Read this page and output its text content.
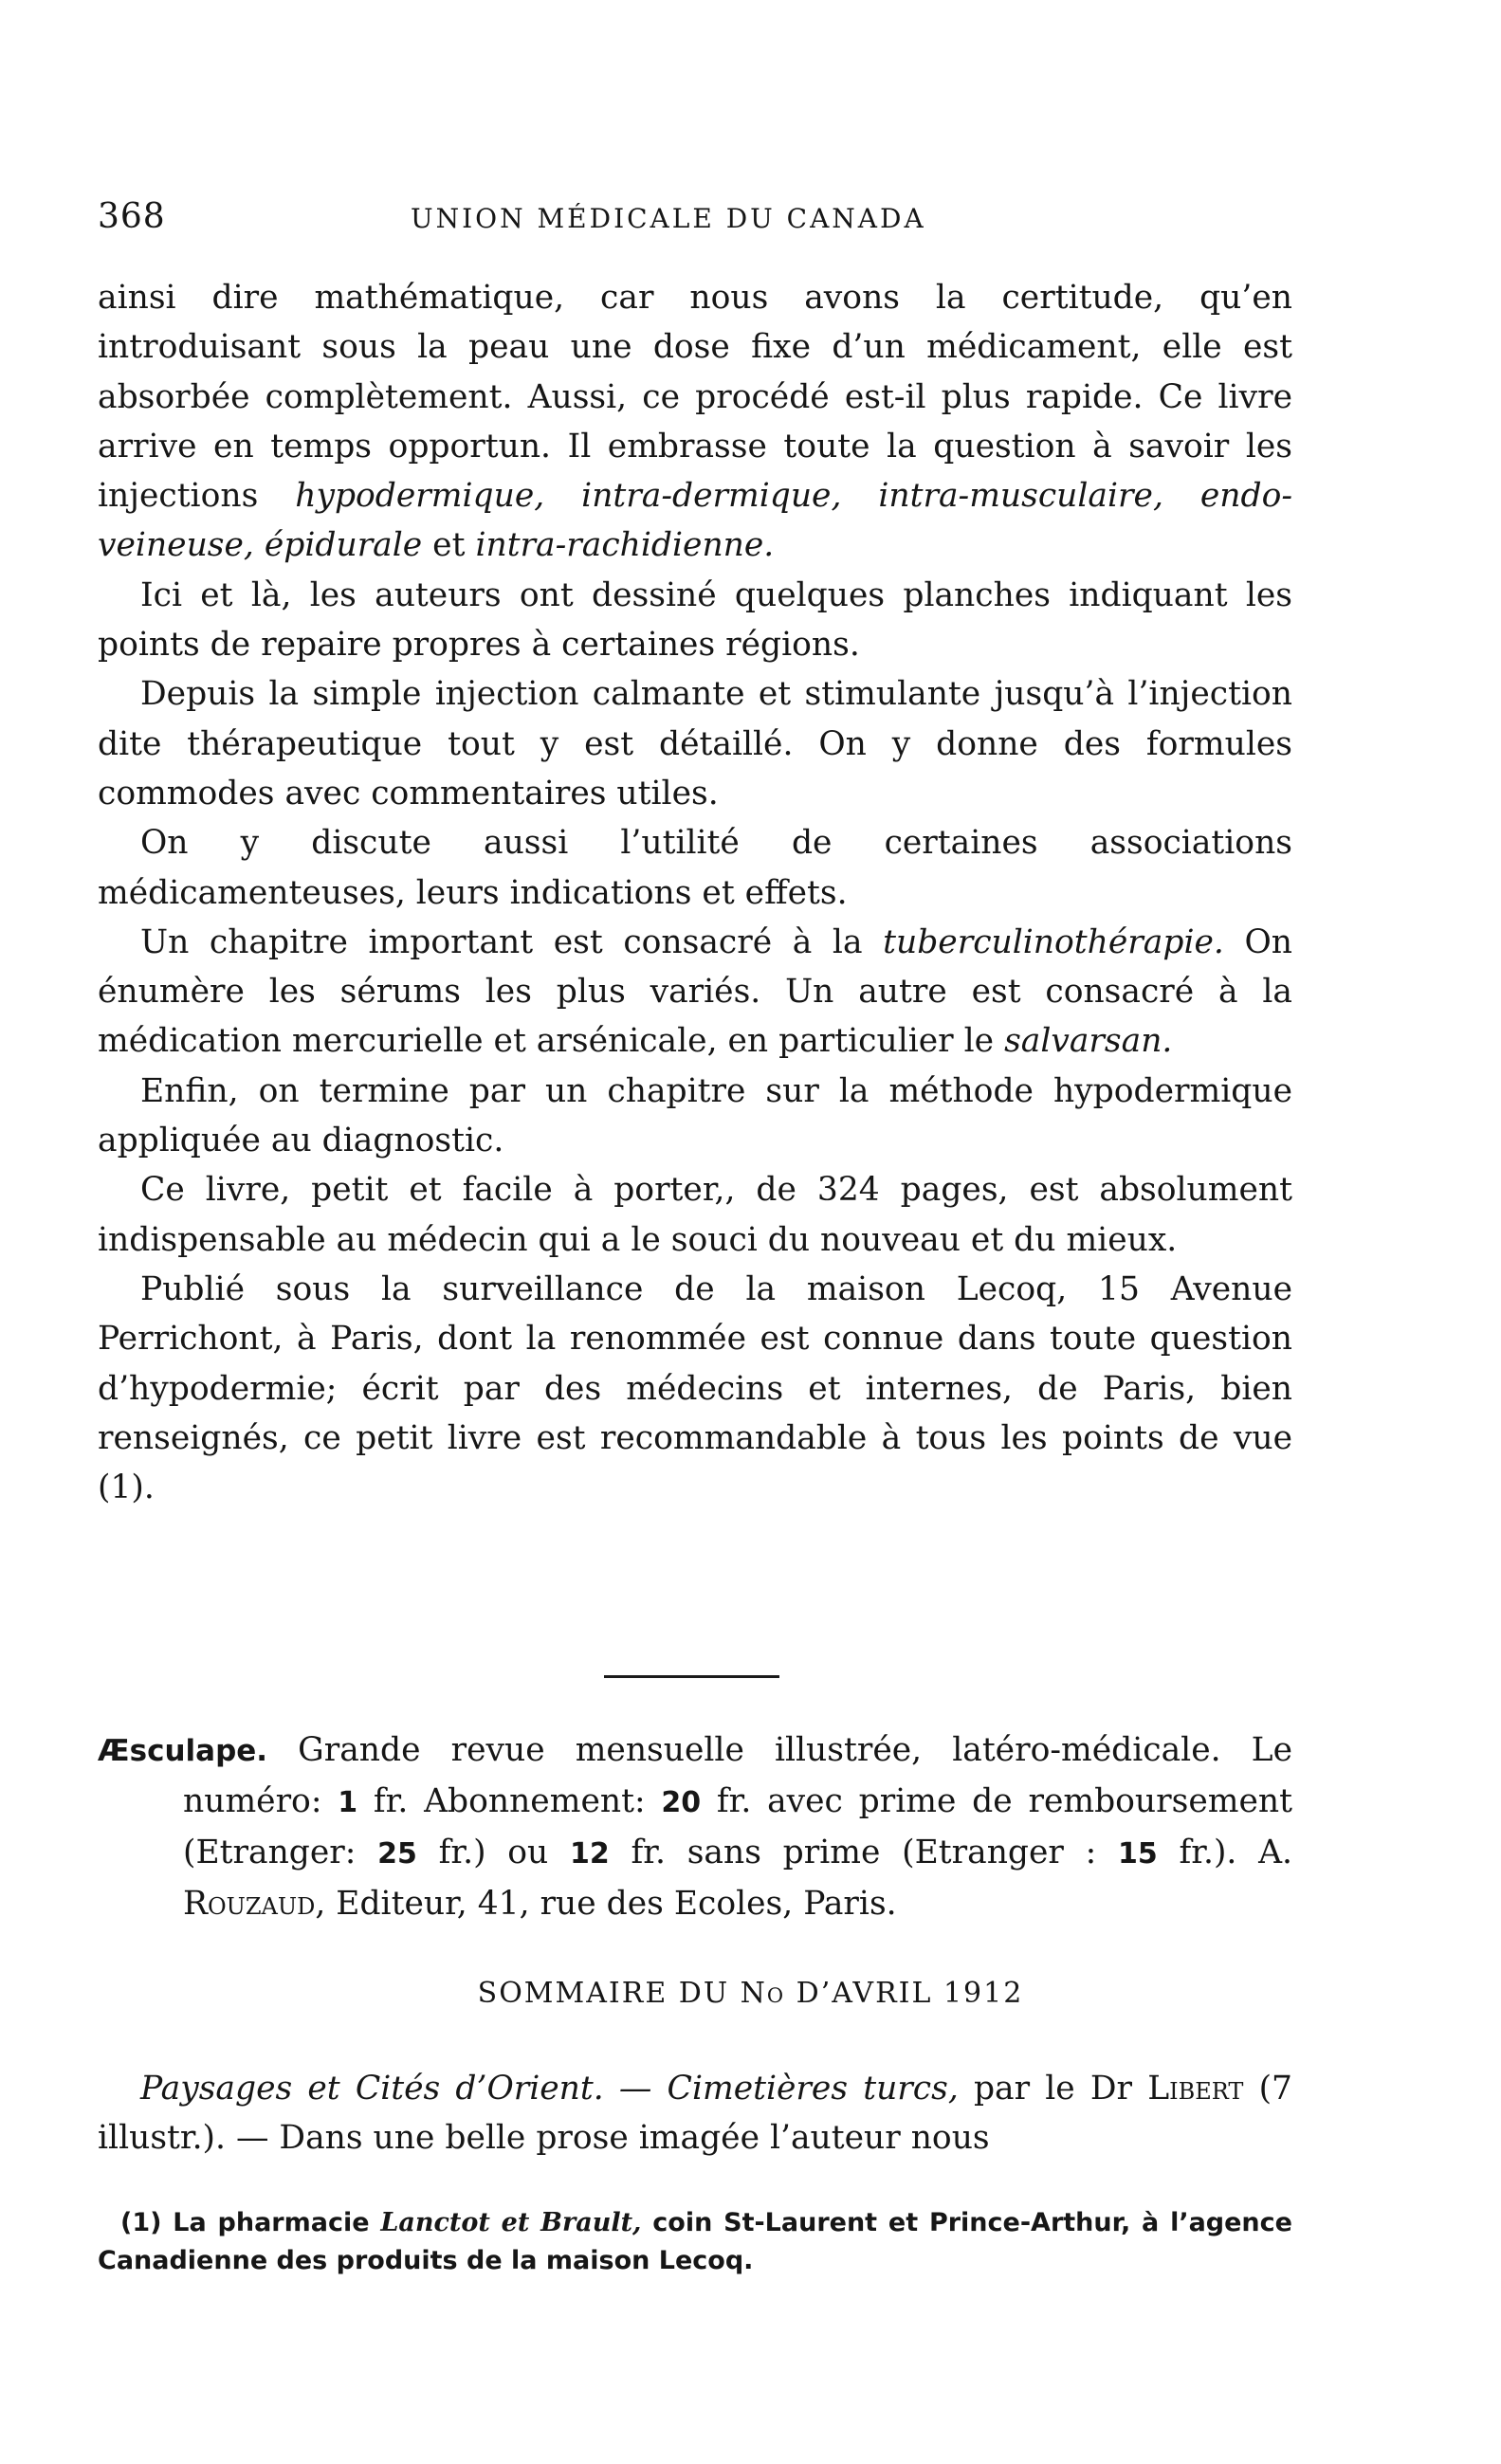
368	UNION MÉDICALE DU CANADA

ainsi dire mathématique, car nous avons la certitude, qu’en introduisant sous la peau une dose fixe d’un médicament, elle est absorbée complètement. Aussi, ce procédé est-il plus rapide. Ce livre arrive en temps opportun. Il embrasse toute la question à savoir les injections hypodermique, intra-dermique, intra-musculaire, endo-veineuse, épidurale et intra-rachidienne.

Ici et là, les auteurs ont dessiné quelques planches indiquant les points de repaire propres à certaines régions.

Depuis la simple injection calmante et stimulante jusqu’à l’injection dite thérapeutique tout y est détaillé. On y donne des formules commodes avec commentaires utiles.

On y discute aussi l’utilité de certaines associations médicamenteuses, leurs indications et effets.

Un chapitre important est consacré à la tuberculinothérapie. On énumère les sérums les plus variés. Un autre est consacré à la médication mercurielle et arsénicale, en particulier le salvarsan.

Enfin, on termine par un chapitre sur la méthode hypodermique appliquée au diagnostic.

Ce livre, petit et facile à porter,, de 324 pages, est absolument indispensable au médecin qui a le souci du nouveau et du mieux.

Publié sous la surveillance de la maison Lecoq, 15 Avenue Perrichont, à Paris, dont la renommée est connue dans toute question d’hypodermie; écrit par des médecins et internes, de Paris, bien renseignés, ce petit livre est recommandable à tous les points de vue (1).

Æsculape. Grande revue mensuelle illustrée, latéro-médicale. Le numéro: 1 fr. Abonnement: 20 fr. avec prime de remboursement (Etranger: 25 fr.) ou 12 fr. sans prime (Etranger : 15 fr.). A. Rouzaud, Editeur, 41, rue des Ecoles, Paris.
SOMMAIRE DU No D’AVRIL 1912

Paysages et Cités d’Orient. — Cimetières turcs, par le Dr Libert (7 illustr.). — Dans une belle prose imagée l’auteur nous

(1) La pharmacie Lanctot et Brault, coin St-Laurent et Prince-Arthur, à l’agence Canadienne des produits de la maison Lecoq.
